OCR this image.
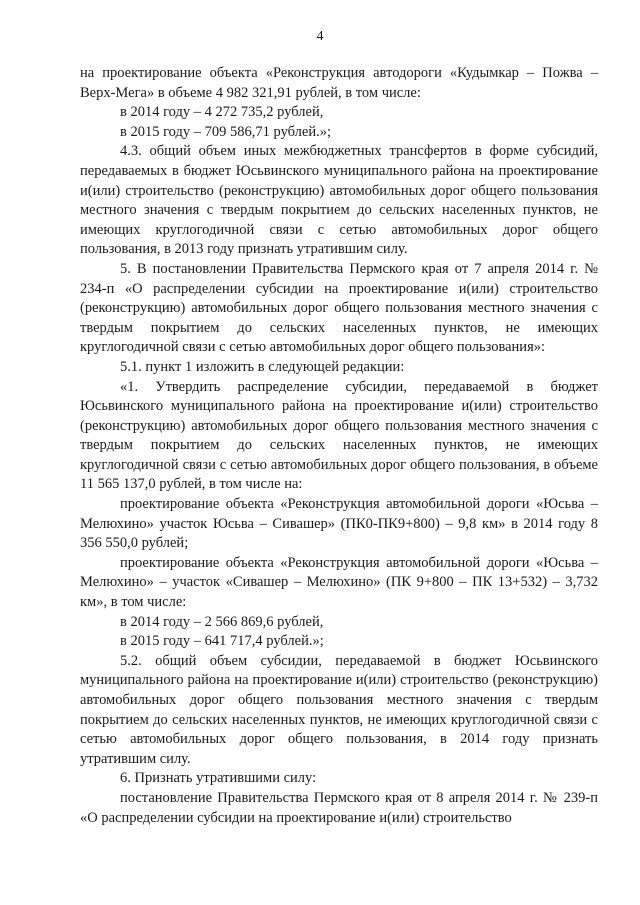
4

на проектирование объекта «Реконструкция автодороги «Кудымкар – Пожва – Верх-Мега» в объеме 4 982 321,91 рублей, в том числе:

в 2014 году – 4 272 735,2 рублей,

в 2015 году – 709 586,71 рублей.»;

4.3. общий объем иных межбюджетных трансфертов в форме субсидий, передаваемых в бюджет Юсьвинского муниципального района на проектирование и(или) строительство (реконструкцию) автомобильных дорог общего пользования местного значения с твердым покрытием до сельских населенных пунктов, не имеющих круглогодичной связи с сетью автомобильных дорог общего пользования, в 2013 году признать утратившим силу.

5. В постановлении Правительства Пермского края от 7 апреля 2014 г. № 234-п «О распределении субсидии на проектирование и(или) строительство (реконструкцию) автомобильных дорог общего пользования местного значения с твердым покрытием до сельских населенных пунктов, не имеющих круглогодичной связи с сетью автомобильных дорог общего пользования»:

5.1. пункт 1 изложить в следующей редакции:

«1. Утвердить распределение субсидии, передаваемой в бюджет Юсьвинского муниципального района на проектирование и(или) строительство (реконструкцию) автомобильных дорог общего пользования местного значения с твердым покрытием до сельских населенных пунктов, не имеющих круглогодичной связи с сетью автомобильных дорог общего пользования, в объеме 11 565 137,0 рублей, в том числе на:

проектирование объекта «Реконструкция автомобильной дороги «Юсьва – Мелюхино» участок Юсьва – Сивашер» (ПК0-ПК9+800) – 9,8 км» в 2014 году 8 356 550,0 рублей;

проектирование объекта «Реконструкция автомобильной дороги «Юсьва – Мелюхино» – участок «Сивашер – Мелюхино» (ПК 9+800 – ПК 13+532) – 3,732 км», в том числе:

в 2014 году – 2 566 869,6 рублей,

в 2015 году – 641 717,4 рублей.»;

5.2. общий объем субсидии, передаваемой в бюджет Юсьвинского муниципального района на проектирование и(или) строительство (реконструкцию) автомобильных дорог общего пользования местного значения с твердым покрытием до сельских населенных пунктов, не имеющих круглогодичной связи с сетью автомобильных дорог общего пользования, в 2014 году признать утратившим силу.

6. Признать утратившими силу:

постановление Правительства Пермского края от 8 апреля 2014 г. № 239-п «О распределении субсидии на проектирование и(или) строительство
